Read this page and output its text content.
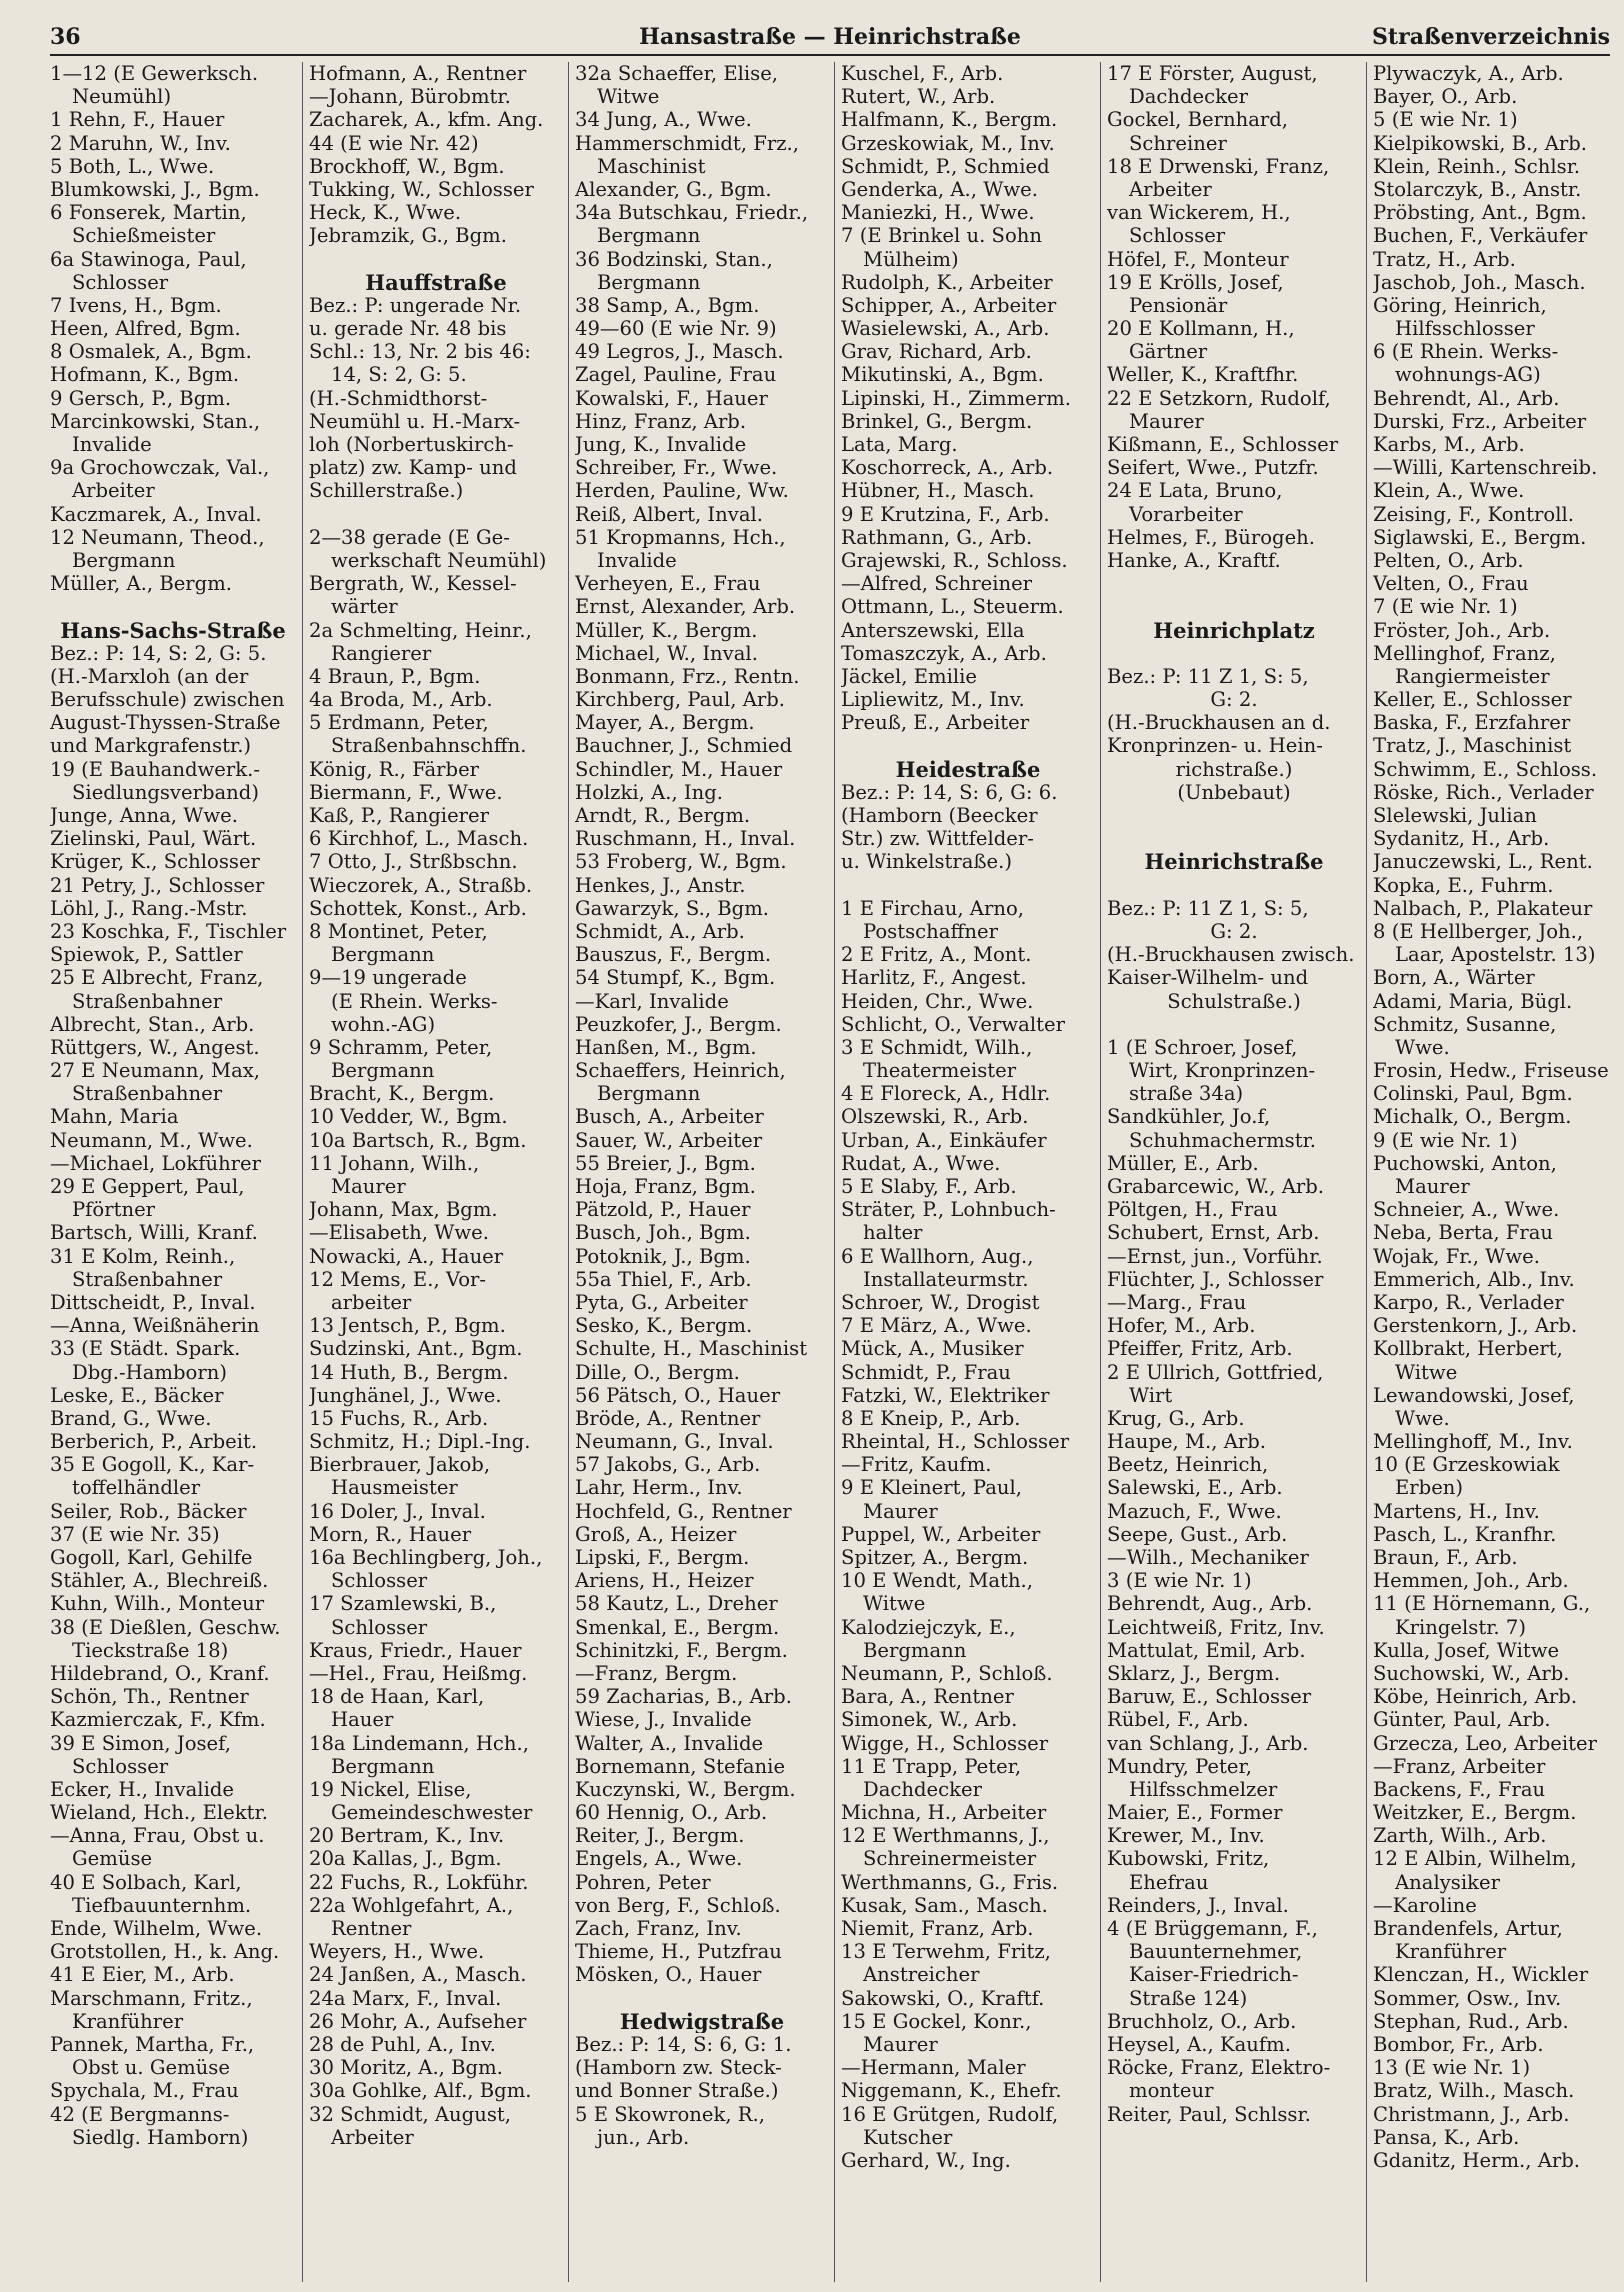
36	Hansastraße — Heinrichstraße	Straßenverzeichnis
1—12 (E Gewerksch.
Neumühl)
1 Rehn, F., Hauer
2 Maruhn, W., Inv.
5 Both, L., Wwe.
Blumkowski, J., Bgm.
6 Fonserek, Martin,
Schießmeister
6a Stawinoga, Paul,
Schlosser
7 Ivens, H., Bgm.
Heen, Alfred, Bgm.
8 Osmalek, A., Bgm.
Hofmann, K., Bgm.
9 Gersch, P., Bgm.
Marcinkowski, Stan.,
Invalide
9a Grochowczak, Val.,
Arbeiter
Kaczmarek, A., Inval.
12 Neumann, Theod.,
Bergmann
Müller, A., Bergm.
Hans-Sachs-Straße
Bez.: P: 14, S: 2, G: 5.
(H.-Marxloh (an der
Berufsschule) zwischen
August-Thyssen-Straße
und Markgrafenstr.)
19 (E Bauhandwerk.-
Siedlungsverband)
Junge, Anna, Wwe.
Zielinski, Paul, Wärt.
Krüger, K., Schlosser
21 Petry, J., Schlosser
Löhl, J., Rang.-Mstr.
23 Koschka, F., Tischler
Spiewok, P., Sattler
25 E Albrecht, Franz,
Straßenbahner
Albrecht, Stan., Arb.
Rüttgers, W., Angest.
27 E Neumann, Max,
Straßenbahner
Mahn, Maria
Neumann, M., Wwe.
—Michael, Lokführer
29 E Geppert, Paul,
Pförtner
Bartsch, Willi, Kranf.
31 E Kolm, Reinh.,
Straßenbahner
Dittscheidt, P., Inval.
—Anna, Weißnäherin
33 (E Städt. Spark.
Dbg.-Hamborn)
Leske, E., Bäcker
Brand, G., Wwe.
Berberich, P., Arbeit.
35 E Gogoll, K., Kar-
toffelhändler
Seiler, Rob., Bäcker
37 (E wie Nr. 35)
Gogoll, Karl, Gehilfe
Stähler, A., Blechreiß.
Kuhn, Wilh., Monteur
38 (E Dießlen, Geschw.
Tieckstraße 18)
Hildebrand, O., Kranf.
Schön, Th., Rentner
Kazmierczak, F., Kfm.
39 E Simon, Josef,
Schlosser
Ecker, H., Invalide
Wieland, Hch., Elektr.
—Anna, Frau, Obst u.
Gemüse
40 E Solbach, Karl,
Tiefbauunternhm.
Ende, Wilhelm, Wwe.
Grotstollen, H., k. Ang.
41 E Eier, M., Arb.
Marschmann, Fritz.,
Kranführer
Pannek, Martha, Fr.,
Obst u. Gemüse
Spychala, M., Frau
42 (E Bergmanns-
Siedlg. Hamborn)
Hofmann, A., Rentner
—Johann, Bürobmtr.
Zacharek, A., kfm. Ang.
44 (E wie Nr. 42)
Brockhoff, W., Bgm.
Tukking, W., Schlosser
Heck, K., Wwe.
Jebramzik, G., Bgm.
Hauffstraße
Bez.: P: ungerade Nr.
u. gerade Nr. 48 bis
Schl.: 13, Nr. 2 bis 46:
14, S: 2, G: 5.
(H.-Schmidthorst-
Neumühl u. H.-Marx-
loh (Norbertuskirch-
platz) zw. Kamp- und
Schillerstraße.)
2—38 gerade (E Ge-
werkschaft Neumühl)
Bergrath, W., Kessel-
wärter
2a Schmelting, Heinr.,
Rangierer
4 Braun, P., Bgm.
4a Broda, M., Arb.
5 Erdmann, Peter,
Straßenbahnschffn.
König, R., Färber
Biermann, F., Wwe.
Kaß, P., Rangierer
6 Kirchhof, L., Masch.
7 Otto, J., Strßbschn.
Wieczorek, A., Straßb.
Schottek, Konst., Arb.
8 Montinet, Peter,
Bergmann
9—19 ungerade
(E Rhein. Werks-
wohn.-AG)
9 Schramm, Peter,
Bergmann
Bracht, K., Bergm.
10 Vedder, W., Bgm.
10a Bartsch, R., Bgm.
11 Johann, Wilh.,
Maurer
Johann, Max, Bgm.
—Elisabeth, Wwe.
Nowacki, A., Hauer
12 Mems, E., Vor-
arbeiter
13 Jentsch, P., Bgm.
Sudzinski, Ant., Bgm.
14 Huth, B., Bergm.
Junghänel, J., Wwe.
15 Fuchs, R., Arb.
Schmitz, H.; Dipl.-Ing.
Bierbrauer, Jakob,
Hausmeister
16 Doler, J., Inval.
Morn, R., Hauer
16a Bechlingberg, Joh.,
Schlosser
17 Szamlewski, B.,
Schlosser
Kraus, Friedr., Hauer
—Hel., Frau, Heißmg.
18 de Haan, Karl,
Hauer
18a Lindemann, Hch.,
Bergmann
19 Nickel, Elise,
Gemeindeschwester
20 Bertram, K., Inv.
20a Kallas, J., Bgm.
22 Fuchs, R., Lokführ.
22a Wohlgefahrt, A.,
Rentner
Weyers, H., Wwe.
24 Janßen, A., Masch.
24a Marx, F., Inval.
26 Mohr, A., Aufseher
28 de Puhl, A., Inv.
30 Moritz, A., Bgm.
30a Gohlke, Alf., Bgm.
32 Schmidt, August,
Arbeiter
32a Schaeffer, Elise,
Witwe
34 Jung, A., Wwe.
Hammerschmidt, Frz.,
Maschinist
Alexander, G., Bgm.
34a Butschkau, Friedr.,
Bergmann
36 Bodzinski, Stan.,
Bergmann
38 Samp, A., Bgm.
49—60 (E wie Nr. 9)
49 Legros, J., Masch.
Zagel, Pauline, Frau
Kowalski, F., Hauer
Hinz, Franz, Arb.
Jung, K., Invalide
Schreiber, Fr., Wwe.
Herden, Pauline, Ww.
Reiß, Albert, Inval.
51 Kropmanns, Hch.,
Invalide
Verheyen, E., Frau
Ernst, Alexander, Arb.
Müller, K., Bergm.
Michael, W., Inval.
Bonmann, Frz., Rentn.
Kirchberg, Paul, Arb.
Mayer, A., Bergm.
Bauchner, J., Schmied
Schindler, M., Hauer
Holzki, A., Ing.
Arndt, R., Bergm.
Ruschmann, H., Inval.
53 Froberg, W., Bgm.
Henkes, J., Anstr.
Gawarzyk, S., Bgm.
Schmidt, A., Arb.
Bauszus, F., Bergm.
54 Stumpf, K., Bgm.
—Karl, Invalide
Peuzkofer, J., Bergm.
Hanßen, M., Bgm.
Schaeffers, Heinrich,
Bergmann
Busch, A., Arbeiter
Sauer, W., Arbeiter
55 Breier, J., Bgm.
Hoja, Franz, Bgm.
Pätzold, P., Hauer
Busch, Joh., Bgm.
Potoknik, J., Bgm.
55a Thiel, F., Arb.
Pyta, G., Arbeiter
Sesko, K., Bergm.
Schulte, H., Maschinist
Dille, O., Bergm.
56 Pätsch, O., Hauer
Bröde, A., Rentner
Neumann, G., Inval.
57 Jakobs, G., Arb.
Lahr, Herm., Inv.
Hochfeld, G., Rentner
Groß, A., Heizer
Lipski, F., Bergm.
Ariens, H., Heizer
58 Kautz, L., Dreher
Smenkal, E., Bergm.
Schinitzki, F., Bergm.
—Franz, Bergm.
59 Zacharias, B., Arb.
Wiese, J., Invalide
Walter, A., Invalide
Bornemann, Stefanie
Kuczynski, W., Bergm.
60 Hennig, O., Arb.
Reiter, J., Bergm.
Engels, A., Wwe.
Pohren, Peter
von Berg, F., Schloß.
Zach, Franz, Inv.
Thieme, H., Putzfrau
Mösken, O., Hauer
Hedwigstraße
Bez.: P: 14, S: 6, G: 1.
(Hamborn zw. Steck-
und Bonner Straße.)
5 E Skowronek, R.,
jun., Arb.
Kuschel, F., Arb.
Rutert, W., Arb.
Halfmann, K., Bergm.
Grzeskowiak, M., Inv.
Schmidt, P., Schmied
Genderka, A., Wwe.
Maniezki, H., Wwe.
7 (E Brinkel u. Sohn
Mülheim)
Rudolph, K., Arbeiter
Schipper, A., Arbeiter
Wasielewski, A., Arb.
Grav, Richard, Arb.
Mikutinski, A., Bgm.
Lipinski, H., Zimmerm.
Brinkel, G., Bergm.
Lata, Marg.
Koschorreck, A., Arb.
Hübner, H., Masch.
9 E Krutzina, F., Arb.
Rathmann, G., Arb.
Grajewski, R., Schloss.
—Alfred, Schreiner
Ottmann, L., Steuerm.
Anterszewski, Ella
Tomaszczyk, A., Arb.
Jäckel, Emilie
Lipliewitz, M., Inv.
Preuß, E., Arbeiter
Heidestraße
Bez.: P: 14, S: 6, G: 6.
(Hamborn (Beecker
Str.) zw. Wittfelder-
u. Winkelstraße.)
1 E Firchau, Arno,
Postschaffner
2 E Fritz, A., Mont.
Harlitz, F., Angest.
Heiden, Chr., Wwe.
Schlicht, O., Verwalter
3 E Schmidt, Wilh.,
Theatermeister
4 E Floreck, A., Hdlr.
Olszewski, R., Arb.
Urban, A., Einkäufer
Rudat, A., Wwe.
5 E Slaby, F., Arb.
Sträter, P., Lohnbuch-
halter
6 E Wallhorn, Aug.,
Installateurmstr.
Schroer, W., Drogist
7 E März, A., Wwe.
Mück, A., Musiker
Schmidt, P., Frau
Fatzki, W., Elektriker
8 E Kneip, P., Arb.
Rheintal, H., Schlosser
—Fritz, Kaufm.
9 E Kleinert, Paul,
Maurer
Puppel, W., Arbeiter
Spitzer, A., Bergm.
10 E Wendt, Math.,
Witwe
Kalodziejczyk, E.,
Bergmann
Neumann, P., Schloß.
Bara, A., Rentner
Simonek, W., Arb.
Wigge, H., Schlosser
11 E Trapp, Peter,
Dachdecker
Michna, H., Arbeiter
12 E Werthmanns, J.,
Schreinermeister
Werthmanns, G., Fris.
Kusak, Sam., Masch.
Niemit, Franz, Arb.
13 E Terwehm, Fritz,
Anstreicher
Sakowski, O., Kraftf.
15 E Gockel, Konr.,
Maurer
—Hermann, Maler
Niggemann, K., Ehefr.
16 E Grütgen, Rudolf,
Kutscher
Gerhard, W., Ing.
17 E Förster, August,
Dachdecker
Gockel, Bernhard,
Schreiner
18 E Drwenski, Franz,
Arbeiter
van Wickerem, H.,
Schlosser
Höfel, F., Monteur
19 E Krölls, Josef,
Pensionär
20 E Kollmann, H.,
Gärtner
Weller, K., Kraftfhr.
22 E Setzkorn, Rudolf,
Maurer
Kißmann, E., Schlosser
Seifert, Wwe., Putzfr.
24 E Lata, Bruno,
Vorarbeiter
Helmes, F., Bürogeh.
Hanke, A., Kraftf.
Heinrichplatz
Bez.: P: 11 Z 1, S: 5,
G: 2.
(H.-Bruckhausen an d.
Kronprinzen- u. Hein-
richstraße.)
(Unbebaut)
Heinrichstraße
Bez.: P: 11 Z 1, S: 5,
G: 2.
(H.-Bruckhausen zwisch.
Kaiser-Wilhelm- und
Schulstraße.)
1 (E Schroer, Josef,
Wirt, Kronprinzen-
straße 34a)
Sandkühler, Jo.f,
Schuhmachermstr.
Müller, E., Arb.
Grabarcewic, W., Arb.
Pöltgen, H., Frau
Schubert, Ernst, Arb.
—Ernst, jun., Vorführ.
Flüchter, J., Schlosser
—Marg., Frau
Hofer, M., Arb.
Pfeiffer, Fritz, Arb.
2 E Ullrich, Gottfried,
Wirt
Krug, G., Arb.
Haupe, M., Arb.
Beetz, Heinrich,
Salewski, E., Arb.
Mazuch, F., Wwe.
Seepe, Gust., Arb.
—Wilh., Mechaniker
3 (E wie Nr. 1)
Behrendt, Aug., Arb.
Leichtweiß, Fritz, Inv.
Mattulat, Emil, Arb.
Sklarz, J., Bergm.
Baruw, E., Schlosser
Rübel, F., Arb.
van Schlang, J., Arb.
Mundry, Peter,
Hilfsschmelzer
Maier, E., Former
Krewer, M., Inv.
Kubowski, Fritz,
Ehefrau
Reinders, J., Inval.
4 (E Brüggemann, F.,
Bauunternehmer,
Kaiser-Friedrich-
Straße 124)
Bruchholz, O., Arb.
Heysel, A., Kaufm.
Röcke, Franz, Elektro-
monteur
Reiter, Paul, Schlssr.
Plywaczyk, A., Arb.
Bayer, O., Arb.
5 (E wie Nr. 1)
Kielpikowski, B., Arb.
Klein, Reinh., Schlsr.
Stolarczyk, B., Anstr.
Pröbsting, Ant., Bgm.
Buchen, F., Verkäufer
Tratz, H., Arb.
Jaschob, Joh., Masch.
Göring, Heinrich,
Hilfsschlosser
6 (E Rhein. Werks-
wohnungs-AG)
Behrendt, Al., Arb.
Durski, Frz., Arbeiter
Karbs, M., Arb.
—Willi, Kartenschreib.
Klein, A., Wwe.
Zeising, F., Kontroll.
Siglawski, E., Bergm.
Pelten, O., Arb.
Velten, O., Frau
7 (E wie Nr. 1)
Fröster, Joh., Arb.
Mellinghof, Franz,
Rangiermeister
Keller, E., Schlosser
Baska, F., Erzfahrer
Tratz, J., Maschinist
Schwimm, E., Schloss.
Röske, Rich., Verlader
Slelewski, Julian
Sydanitz, H., Arb.
Januczewski, L., Rent.
Kopka, E., Fuhrm.
Nalbach, P., Plakateur
8 (E Hellberger, Joh.,
Laar, Apostelstr. 13)
Born, A., Wärter
Adami, Maria, Bügl.
Schmitz, Susanne,
Wwe.
Frosin, Hedw., Friseuse
Colinski, Paul, Bgm.
Michalk, O., Bergm.
9 (E wie Nr. 1)
Puchowski, Anton,
Maurer
Schneier, A., Wwe.
Neba, Berta, Frau
Wojak, Fr., Wwe.
Emmerich, Alb., Inv.
Karpo, R., Verlader
Gerstenkorn, J., Arb.
Kollbrakt, Herbert,
Witwe
Lewandowski, Josef,
Wwe.
Mellinghoff, M., Inv.
10 (E Grzeskowiak
Erben)
Martens, H., Inv.
Pasch, L., Kranfhr.
Braun, F., Arb.
Hemmen, Joh., Arb.
11 (E Hörnemann, G.,
Kringelstr. 7)
Kulla, Josef, Witwe
Suchowski, W., Arb.
Köbe, Heinrich, Arb.
Günter, Paul, Arb.
Grzecza, Leo, Arbeiter
—Franz, Arbeiter
Backens, F., Frau
Weitzker, E., Bergm.
Zarth, Wilh., Arb.
12 E Albin, Wilhelm,
Analysiker
—Karoline
Brandenfels, Artur,
Kranführer
Klenczan, H., Wickler
Sommer, Osw., Inv.
Stephan, Rud., Arb.
Bombor, Fr., Arb.
13 (E wie Nr. 1)
Bratz, Wilh., Masch.
Christmann, J., Arb.
Pansa, K., Arb.
Gdanitz, Herm., Arb.
